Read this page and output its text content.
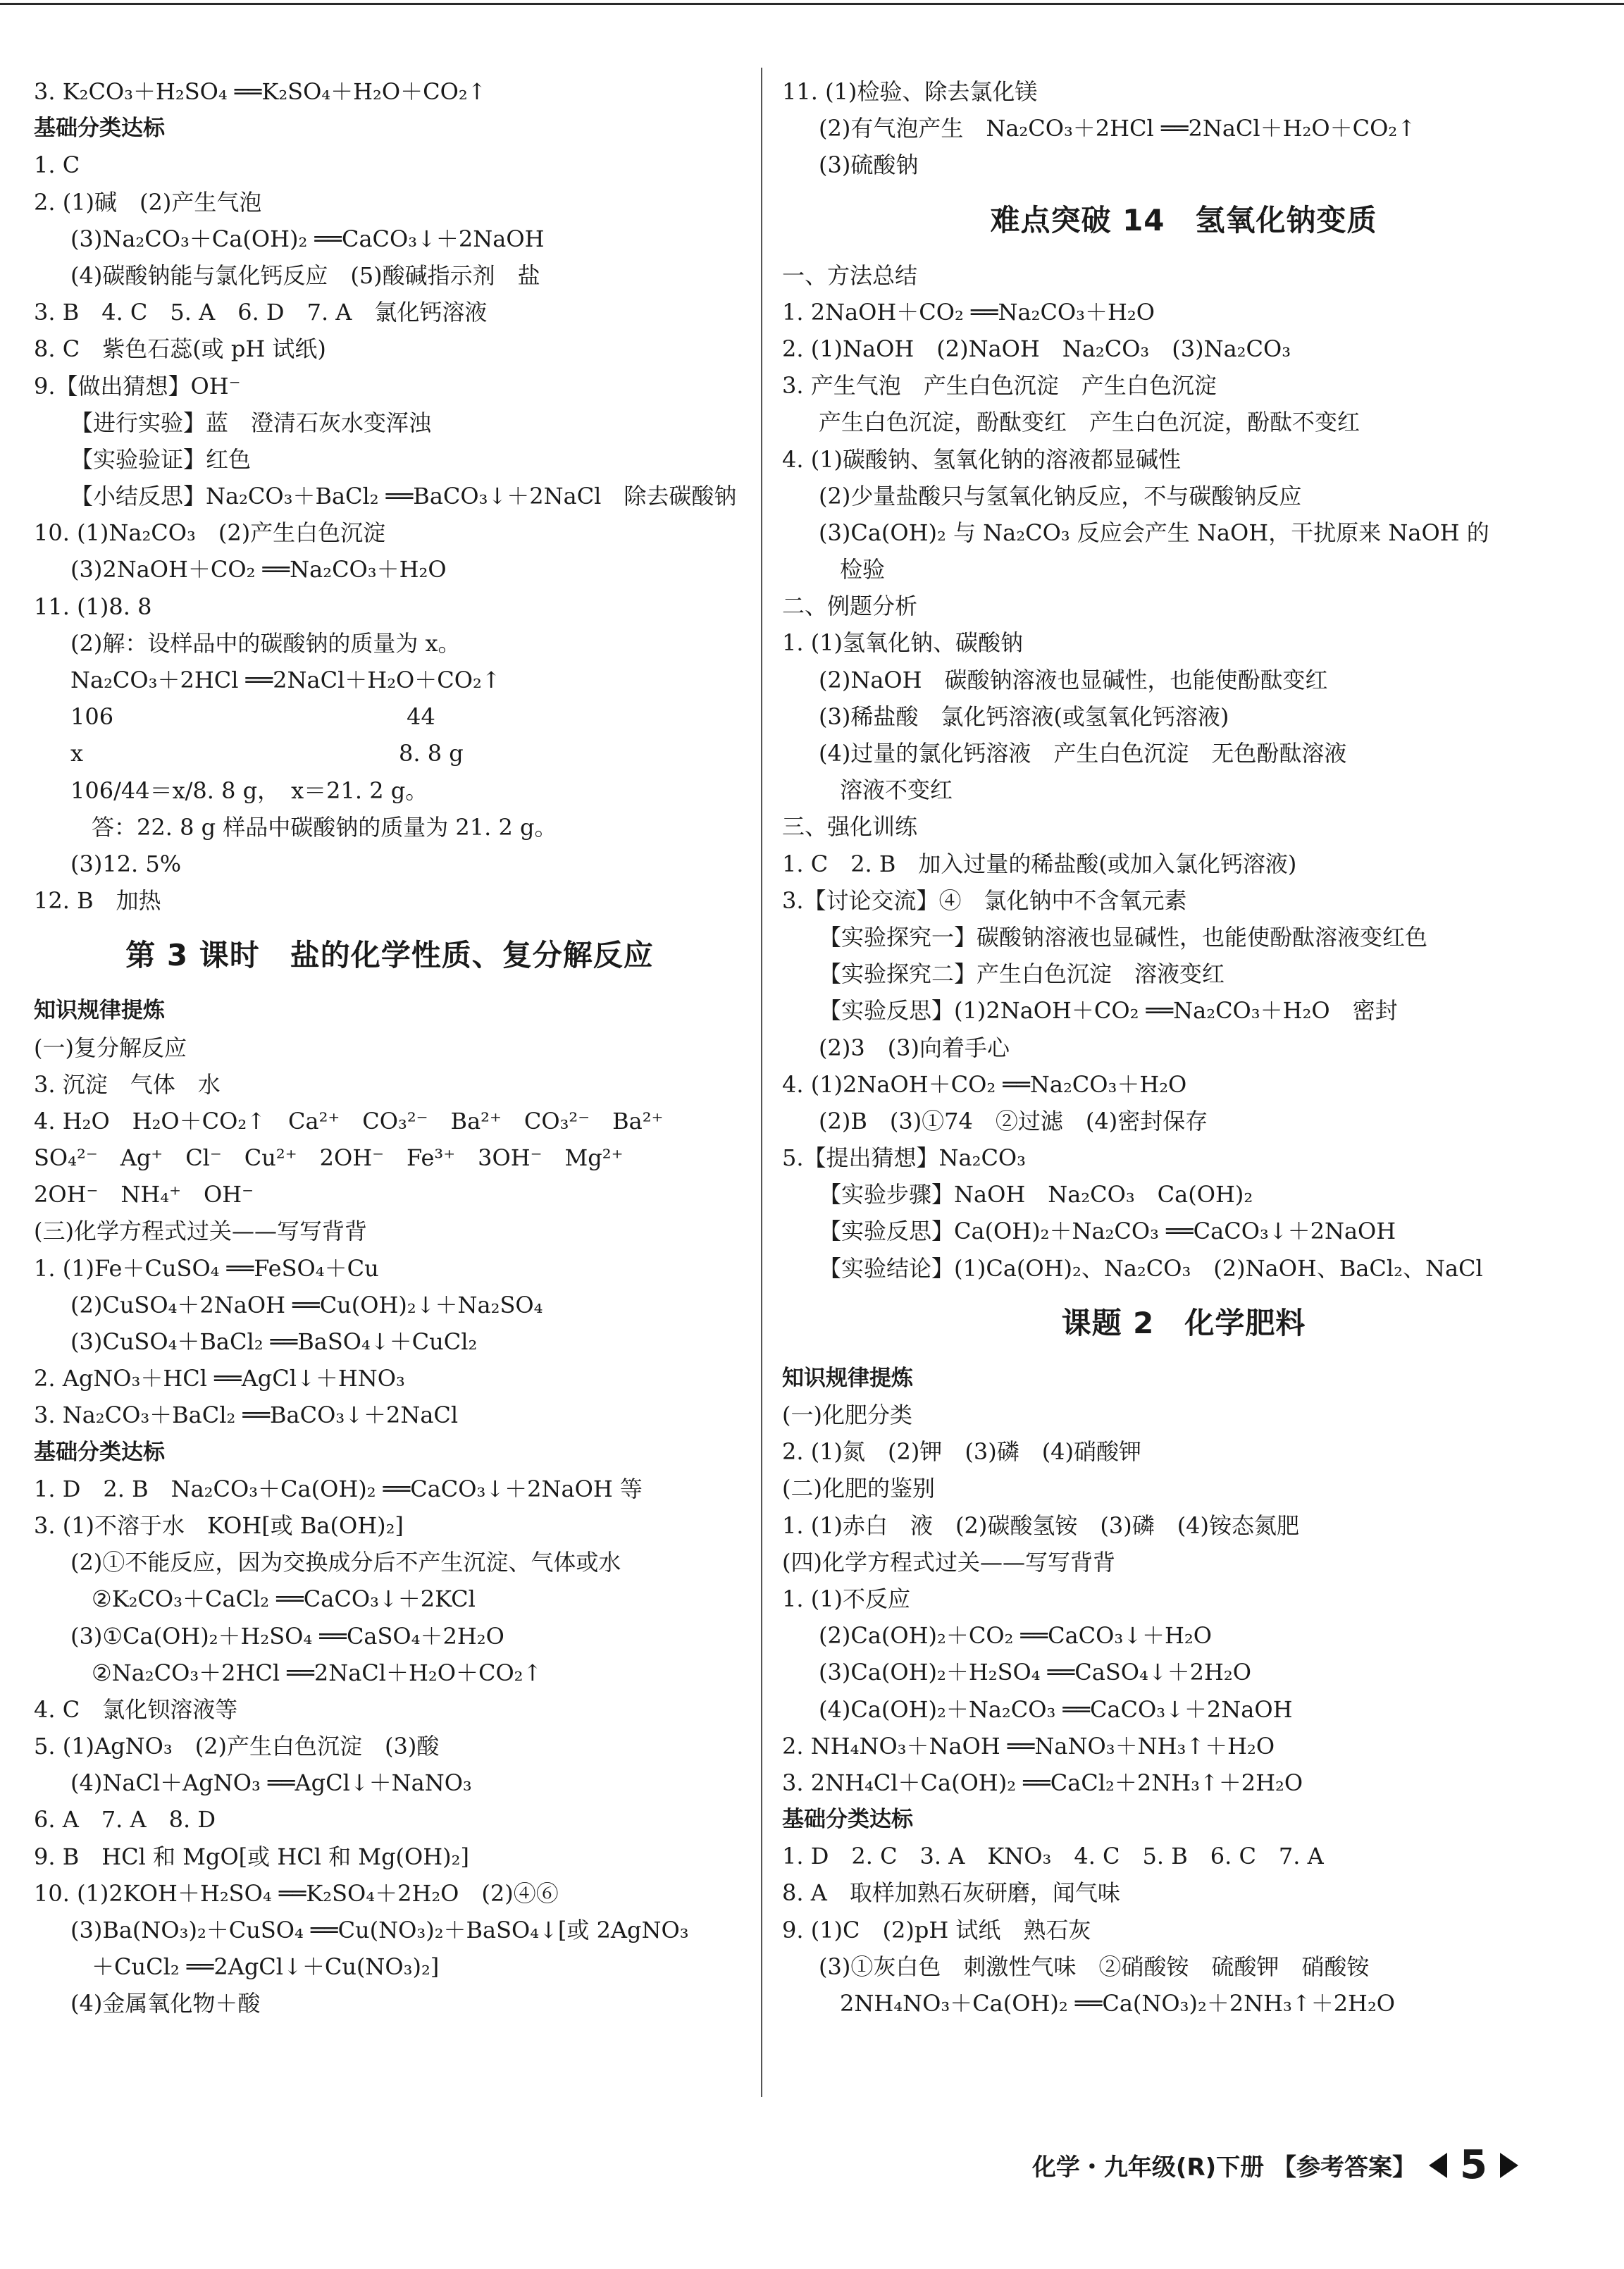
3. K₂CO₃＋H₂SO₄ ══K₂SO₄＋H₂O＋CO₂↑
基础分类达标
1. C
2. (1)碱　(2)产生气泡
(3)Na₂CO₃＋Ca(OH)₂ ══CaCO₃↓＋2NaOH
(4)碳酸钠能与氯化钙反应　(5)酸碱指示剂　盐
3. B　4. C　5. A　6. D　7. A　氯化钙溶液
8. C　紫色石蕊(或 pH 试纸)
9.【做出猜想】OH⁻
【进行实验】蓝　澄清石灰水变浑浊
【实验验证】红色
【小结反思】Na₂CO₃＋BaCl₂ ══BaCO₃↓＋2NaCl　除去碳酸钠
10. (1)Na₂CO₃　(2)产生白色沉淀
(3)2NaOH＋CO₂ ══Na₂CO₃＋H₂O
11. (1)8. 8
(2)解：设样品中的碳酸钠的质量为 x。
Na₂CO₃＋2HCl ══2NaCl＋H₂O＋CO₂↑
106　　　　　　　　　　　　　44
x　　　　　　　　　　　　　　8. 8 g
106/44＝x/8. 8 g，　x＝21. 2 g。
答：22. 8 g 样品中碳酸钠的质量为 21. 2 g。
(3)12. 5%
12. B　加热
第 3 课时　盐的化学性质、复分解反应
知识规律提炼
(一)复分解反应
3. 沉淀　气体　水
4. H₂O　H₂O＋CO₂↑　Ca²⁺　CO₃²⁻　Ba²⁺　CO₃²⁻　Ba²⁺
SO₄²⁻　Ag⁺　Cl⁻　Cu²⁺　2OH⁻　Fe³⁺　3OH⁻　Mg²⁺
2OH⁻　NH₄⁺　OH⁻
(三)化学方程式过关——写写背背
1. (1)Fe＋CuSO₄ ══FeSO₄＋Cu
(2)CuSO₄＋2NaOH ══Cu(OH)₂↓＋Na₂SO₄
(3)CuSO₄＋BaCl₂ ══BaSO₄↓＋CuCl₂
2. AgNO₃＋HCl ══AgCl↓＋HNO₃
3. Na₂CO₃＋BaCl₂ ══BaCO₃↓＋2NaCl
基础分类达标
1. D　2. B　Na₂CO₃＋Ca(OH)₂ ══CaCO₃↓＋2NaOH 等
3. (1)不溶于水　KOH[或 Ba(OH)₂]
(2)①不能反应，因为交换成分后不产生沉淀、气体或水
②K₂CO₃＋CaCl₂ ══CaCO₃↓＋2KCl
(3)①Ca(OH)₂＋H₂SO₄ ══CaSO₄＋2H₂O
②Na₂CO₃＋2HCl ══2NaCl＋H₂O＋CO₂↑
4. C　氯化钡溶液等
5. (1)AgNO₃　(2)产生白色沉淀　(3)酸
(4)NaCl＋AgNO₃ ══AgCl↓＋NaNO₃
6. A　7. A　8. D
9. B　HCl 和 MgO[或 HCl 和 Mg(OH)₂]
10. (1)2KOH＋H₂SO₄ ══K₂SO₄＋2H₂O　(2)④⑥
(3)Ba(NO₃)₂＋CuSO₄ ══Cu(NO₃)₂＋BaSO₄↓[或 2AgNO₃
＋CuCl₂ ══2AgCl↓＋Cu(NO₃)₂]
(4)金属氧化物＋酸
11. (1)检验、除去氯化镁
(2)有气泡产生　Na₂CO₃＋2HCl ══2NaCl＋H₂O＋CO₂↑
(3)硫酸钠
难点突破 14　氢氧化钠变质
一、方法总结
1. 2NaOH＋CO₂ ══Na₂CO₃＋H₂O
2. (1)NaOH　(2)NaOH　Na₂CO₃　(3)Na₂CO₃
3. 产生气泡　产生白色沉淀　产生白色沉淀
产生白色沉淀，酚酞变红　产生白色沉淀，酚酞不变红
4. (1)碳酸钠、氢氧化钠的溶液都显碱性
(2)少量盐酸只与氢氧化钠反应，不与碳酸钠反应
(3)Ca(OH)₂ 与 Na₂CO₃ 反应会产生 NaOH，干扰原来 NaOH 的
检验
二、例题分析
1. (1)氢氧化钠、碳酸钠
(2)NaOH　碳酸钠溶液也显碱性，也能使酚酞变红
(3)稀盐酸　氯化钙溶液(或氢氧化钙溶液)
(4)过量的氯化钙溶液　产生白色沉淀　无色酚酞溶液
溶液不变红
三、强化训练
1. C　2. B　加入过量的稀盐酸(或加入氯化钙溶液)
3.【讨论交流】④　氯化钠中不含氧元素
【实验探究一】碳酸钠溶液也显碱性，也能使酚酞溶液变红色
【实验探究二】产生白色沉淀　溶液变红
【实验反思】(1)2NaOH＋CO₂ ══Na₂CO₃＋H₂O　密封
(2)3　(3)向着手心
4. (1)2NaOH＋CO₂ ══Na₂CO₃＋H₂O
(2)B　(3)①74　②过滤　(4)密封保存
5.【提出猜想】Na₂CO₃
【实验步骤】NaOH　Na₂CO₃　Ca(OH)₂
【实验反思】Ca(OH)₂＋Na₂CO₃ ══CaCO₃↓＋2NaOH
【实验结论】(1)Ca(OH)₂、Na₂CO₃　(2)NaOH、BaCl₂、NaCl
课题 2　化学肥料
知识规律提炼
(一)化肥分类
2. (1)氮　(2)钾　(3)磷　(4)硝酸钾
(二)化肥的鉴别
1. (1)赤白　液　(2)碳酸氢铵　(3)磷　(4)铵态氮肥
(四)化学方程式过关——写写背背
1. (1)不反应
(2)Ca(OH)₂＋CO₂ ══CaCO₃↓＋H₂O
(3)Ca(OH)₂＋H₂SO₄ ══CaSO₄↓＋2H₂O
(4)Ca(OH)₂＋Na₂CO₃ ══CaCO₃↓＋2NaOH
2. NH₄NO₃＋NaOH ══NaNO₃＋NH₃↑＋H₂O
3. 2NH₄Cl＋Ca(OH)₂ ══CaCl₂＋2NH₃↑＋2H₂O
基础分类达标
1. D　2. C　3. A　KNO₃　4. C　5. B　6. C　7. A
8. A　取样加熟石灰研磨，闻气味
9. (1)C　(2)pH 试纸　熟石灰
(3)①灰白色　刺激性气味　②硝酸铵　硫酸钾　硝酸铵
2NH₄NO₃＋Ca(OH)₂ ══Ca(NO₃)₂＋2NH₃↑＋2H₂O
化学・九年级(R)下册 【参考答案】 5
